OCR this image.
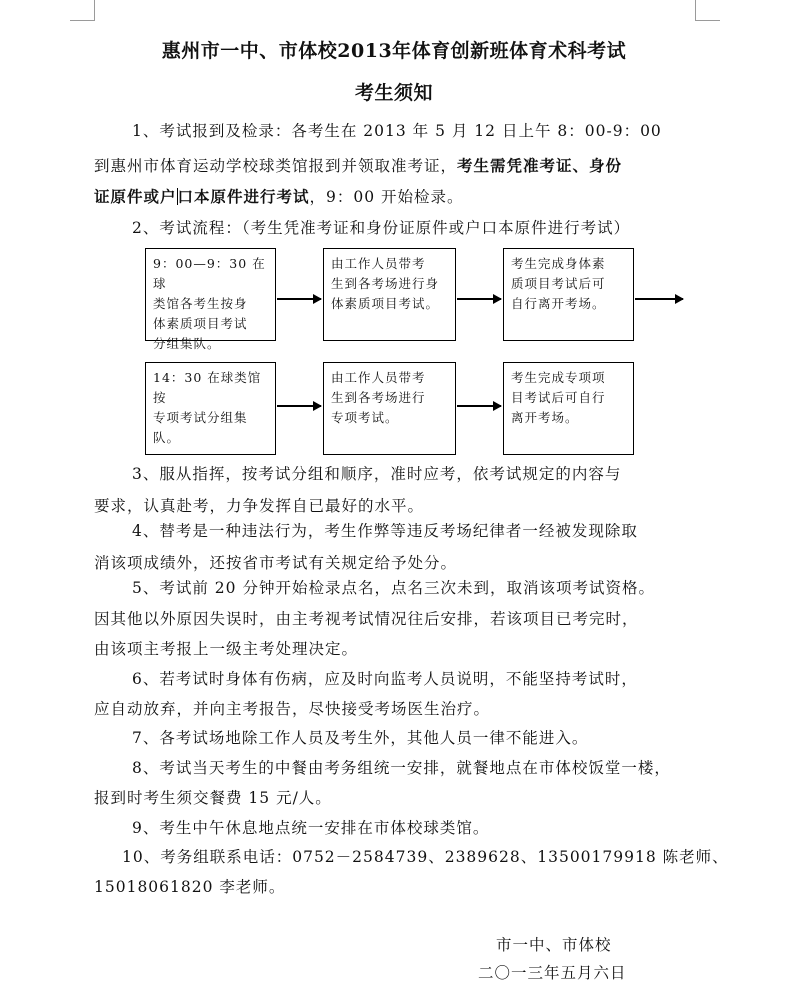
惠州市一中、市体校2013年体育创新班体育术科考试
考生须知
1、考试报到及检录：各考生在 2013 年 5 月 12 日上午 8：00-9：00
到惠州市体育运动学校球类馆报到并领取准考证，考生需凭准考证、身份
证原件或户口本原件进行考试，9：00 开始检录。
2、考试流程：（考生凭准考证和身份证原件或户口本原件进行考试）
9：00—9：30 在球
类馆各考生按身
体素质项目考试
分组集队。
由工作人员带考
生到各考场进行身
体素质项目考试。
考生完成身体素
质项目考试后可
自行离开考场。
14：30 在球类馆按
专项考试分组集
队。
由工作人员带考
生到各考场进行
专项考试。
考生完成专项项
目考试后可自行
离开考场。
3、服从指挥，按考试分组和顺序，准时应考，依考试规定的内容与
要求，认真赴考，力争发挥自已最好的水平。
4、替考是一种违法行为，考生作弊等违反考场纪律者一经被发现除取
消该项成绩外，还按省市考试有关规定给予处分。
5、考试前 20 分钟开始检录点名，点名三次未到，取消该项考试资格。
因其他以外原因失误时，由主考视考试情况往后安排，若该项目已考完时，
由该项主考报上一级主考处理决定。
6、若考试时身体有伤病，应及时向监考人员说明，不能坚持考试时，
应自动放弃，并向主考报告，尽快接受考场医生治疗。
7、各考试场地除工作人员及考生外，其他人员一律不能进入。
8、考试当天考生的中餐由考务组统一安排，就餐地点在市体校饭堂一楼，
报到时考生须交餐费 15 元/人。
9、考生中午休息地点统一安排在市体校球类馆。
10、考务组联系电话：0752－2584739、2389628、13500179918 陈老师、
15018061820 李老师。
市一中、市体校
二〇一三年五月六日
